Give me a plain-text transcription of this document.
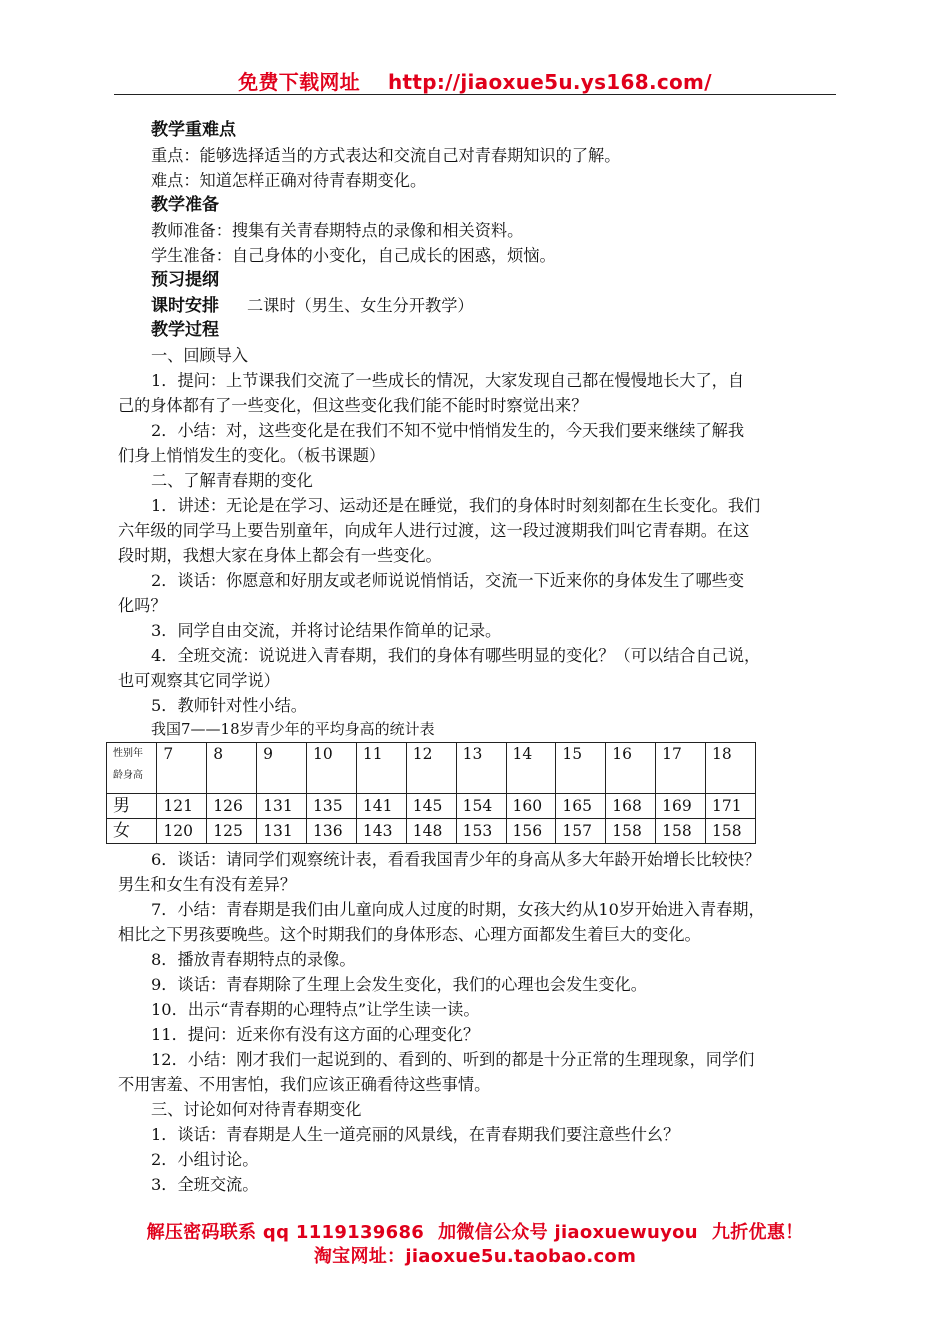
免费下载网址 http://jiaoxue5u.ys168.com/
教学重难点
重点：能够选择适当的方式表达和交流自己对青春期知识的了解。
难点：知道怎样正确对待青春期变化。
教学准备
教师准备：搜集有关青春期特点的录像和相关资料。
学生准备：自己身体的小变化，自己成长的困惑，烦恼。
预习提纲
课时安排 二课时（男生、女生分开教学）
教学过程
一、回顾导入
1．提问：上节课我们交流了一些成长的情况，大家发现自己都在慢慢地长大了，自
己的身体都有了一些变化，但这些变化我们能不能时时察觉出来？
2．小结：对，这些变化是在我们不知不觉中悄悄发生的，今天我们要来继续了解我
们身上悄悄发生的变化。（板书课题）
二、了解青春期的变化
1．讲述：无论是在学习、运动还是在睡觉，我们的身体时时刻刻都在生长变化。我们
六年级的同学马上要告别童年，向成年人进行过渡，这一段过渡期我们叫它青春期。在这
段时期，我想大家在身体上都会有一些变化。
2．谈话：你愿意和好朋友或老师说说悄悄话，交流一下近来你的身体发生了哪些变
化吗？
3．同学自由交流，并将讨论结果作简单的记录。
4．全班交流：说说进入青春期，我们的身体有哪些明显的变化？（可以结合自己说，
也可观察其它同学说）
5．教师针对性小结。
我国7——18岁青少年的平均身高的统计表
性别年
龄身高	7	8	9	10	11	12	13	14	15	16	17	18
男	121	126	131	135	141	145	154	160	165	168	169	171
女	120	125	131	136	143	148	153	156	157	158	158	158
6．谈话：请同学们观察统计表，看看我国青少年的身高从多大年龄开始增长比较快？
男生和女生有没有差异？
7．小结：青春期是我们由儿童向成人过度的时期，女孩大约从10岁开始进入青春期，
相比之下男孩要晚些。这个时期我们的身体形态、心理方面都发生着巨大的变化。
8．播放青春期特点的录像。
9．谈话：青春期除了生理上会发生变化，我们的心理也会发生变化。
10．出示“青春期的心理特点”让学生读一读。
11．提问：近来你有没有这方面的心理变化？
12．小结：刚才我们一起说到的、看到的、听到的都是十分正常的生理现象，同学们
不用害羞、不用害怕，我们应该正确看待这些事情。
三、讨论如何对待青春期变化
1．谈话：青春期是人生一道亮丽的风景线，在青春期我们要注意些什幺？
2．小组讨论。
3．全班交流。
解压密码联系 qq 1119139686 加微信公众号 jiaoxuewuyou 九折优惠！
淘宝网址：jiaoxue5u.taobao.com
